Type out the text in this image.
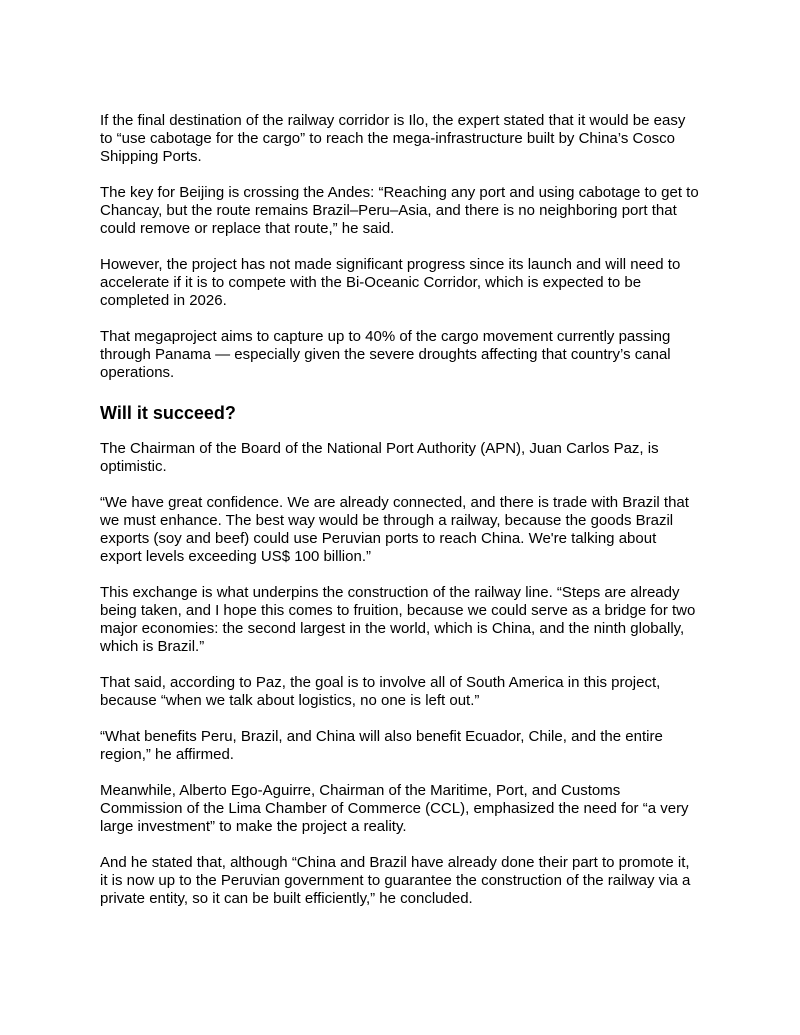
If the final destination of the railway corridor is Ilo, the expert stated that it would be easy to “use cabotage for the cargo” to reach the mega-infrastructure built by China’s Cosco Shipping Ports.

The key for Beijing is crossing the Andes: “Reaching any port and using cabotage to get to Chancay, but the route remains Brazil–Peru–Asia, and there is no neighboring port that could remove or replace that route,” he said.

However, the project has not made significant progress since its launch and will need to accelerate if it is to compete with the Bi-Oceanic Corridor, which is expected to be completed in 2026.

That megaproject aims to capture up to 40% of the cargo movement currently passing through Panama — especially given the severe droughts affecting that country’s canal operations.

Will it succeed?

The Chairman of the Board of the National Port Authority (APN), Juan Carlos Paz, is optimistic.

“We have great confidence. We are already connected, and there is trade with Brazil that we must enhance. The best way would be through a railway, because the goods Brazil exports (soy and beef) could use Peruvian ports to reach China. We're talking about export levels exceeding US$ 100 billion.”

This exchange is what underpins the construction of the railway line. “Steps are already being taken, and I hope this comes to fruition, because we could serve as a bridge for two major economies: the second largest in the world, which is China, and the ninth globally, which is Brazil.”

That said, according to Paz, the goal is to involve all of South America in this project, because “when we talk about logistics, no one is left out.”

“What benefits Peru, Brazil, and China will also benefit Ecuador, Chile, and the entire region,” he affirmed.

Meanwhile, Alberto Ego-Aguirre, Chairman of the Maritime, Port, and Customs Commission of the Lima Chamber of Commerce (CCL), emphasized the need for “a very large investment” to make the project a reality.

And he stated that, although “China and Brazil have already done their part to promote it, it is now up to the Peruvian government to guarantee the construction of the railway via a private entity, so it can be built efficiently,” he concluded.
